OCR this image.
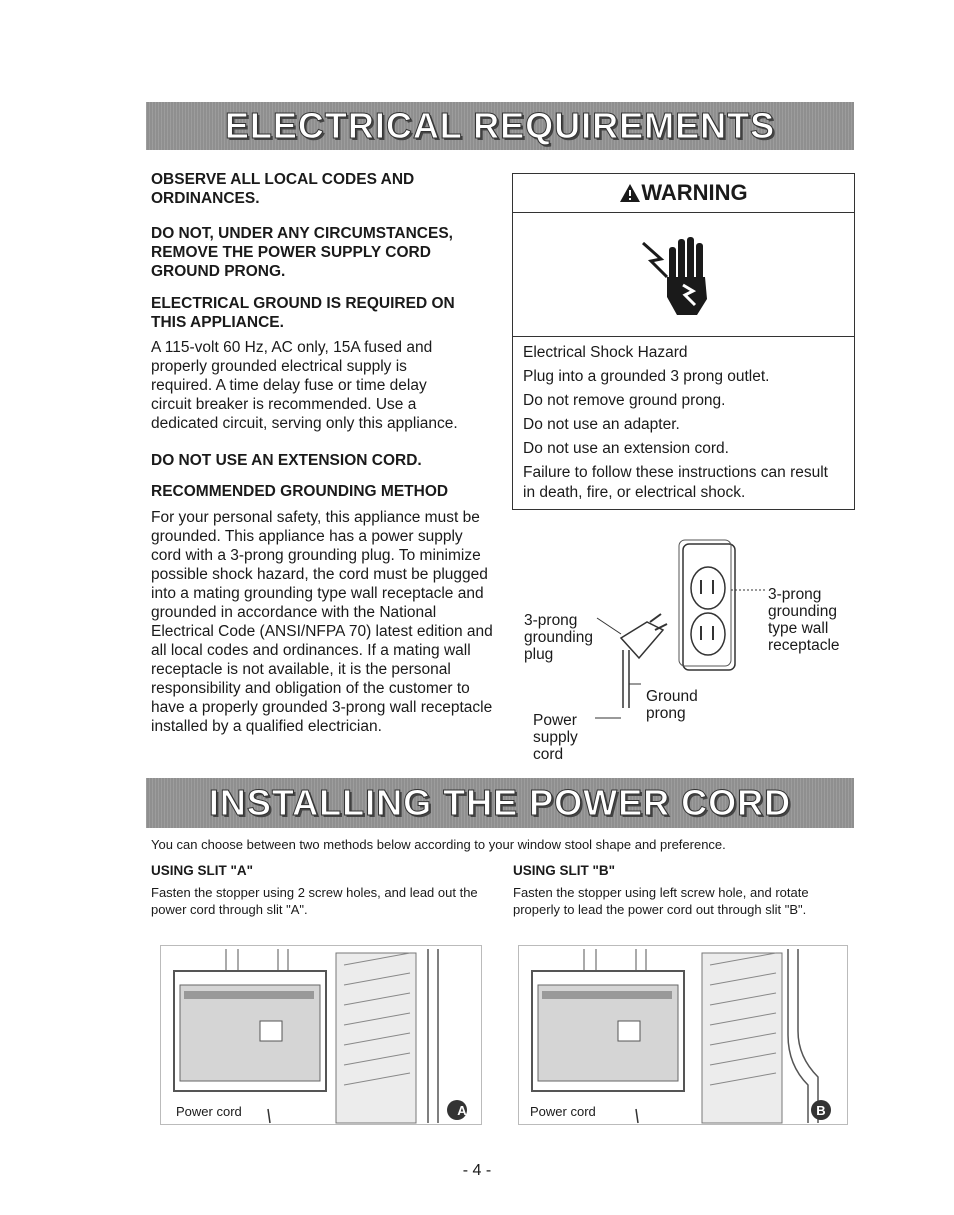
ELECTRICAL REQUIREMENTS

OBSERVE ALL LOCAL CODES AND ORDINANCES.

DO NOT, UNDER ANY CIRCUMSTANCES, REMOVE THE POWER SUPPLY CORD GROUND PRONG.

ELECTRICAL GROUND IS REQUIRED ON THIS APPLIANCE.

A 115-volt 60 Hz, AC only, 15A fused and properly grounded electrical supply is required. A time delay fuse or time delay circuit breaker is recommended. Use a dedicated circuit, serving only this appliance.

DO NOT USE AN EXTENSION CORD.

RECOMMENDED GROUNDING METHOD

For your personal safety, this appliance must be grounded. This appliance has a power supply cord with a 3-prong grounding plug. To minimize possible shock hazard, the cord must be plugged into a mating grounding type wall receptacle and grounded in accordance with the National Electrical Code (ANSI/NFPA 70) latest edition and all local codes and ordinances. If a mating wall receptacle is not available, it is the personal responsibility and obligation of the customer to have a properly grounded 3-prong wall receptacle installed by a qualified electrician.

WARNING
Electrical Shock Hazard
Plug into a grounded 3 prong outlet.
Do not remove ground prong.
Do not use an adapter.
Do not use an extension cord.
Failure to follow these instructions can result in death, fire, or electrical shock.
3-prong grounding plug
3-prong grounding type wall receptacle
Ground prong
Power supply cord
INSTALLING THE POWER CORD

You can choose between two methods below according to your window stool shape and preference.

USING SLIT "A"

Fasten the stopper using 2 screw holes, and lead out the power cord through slit "A".

USING SLIT "B"

Fasten the stopper using left screw hole, and rotate properly to lead the power cord out through slit "B".

A
Power cord	B
Power cord
- 4 -
